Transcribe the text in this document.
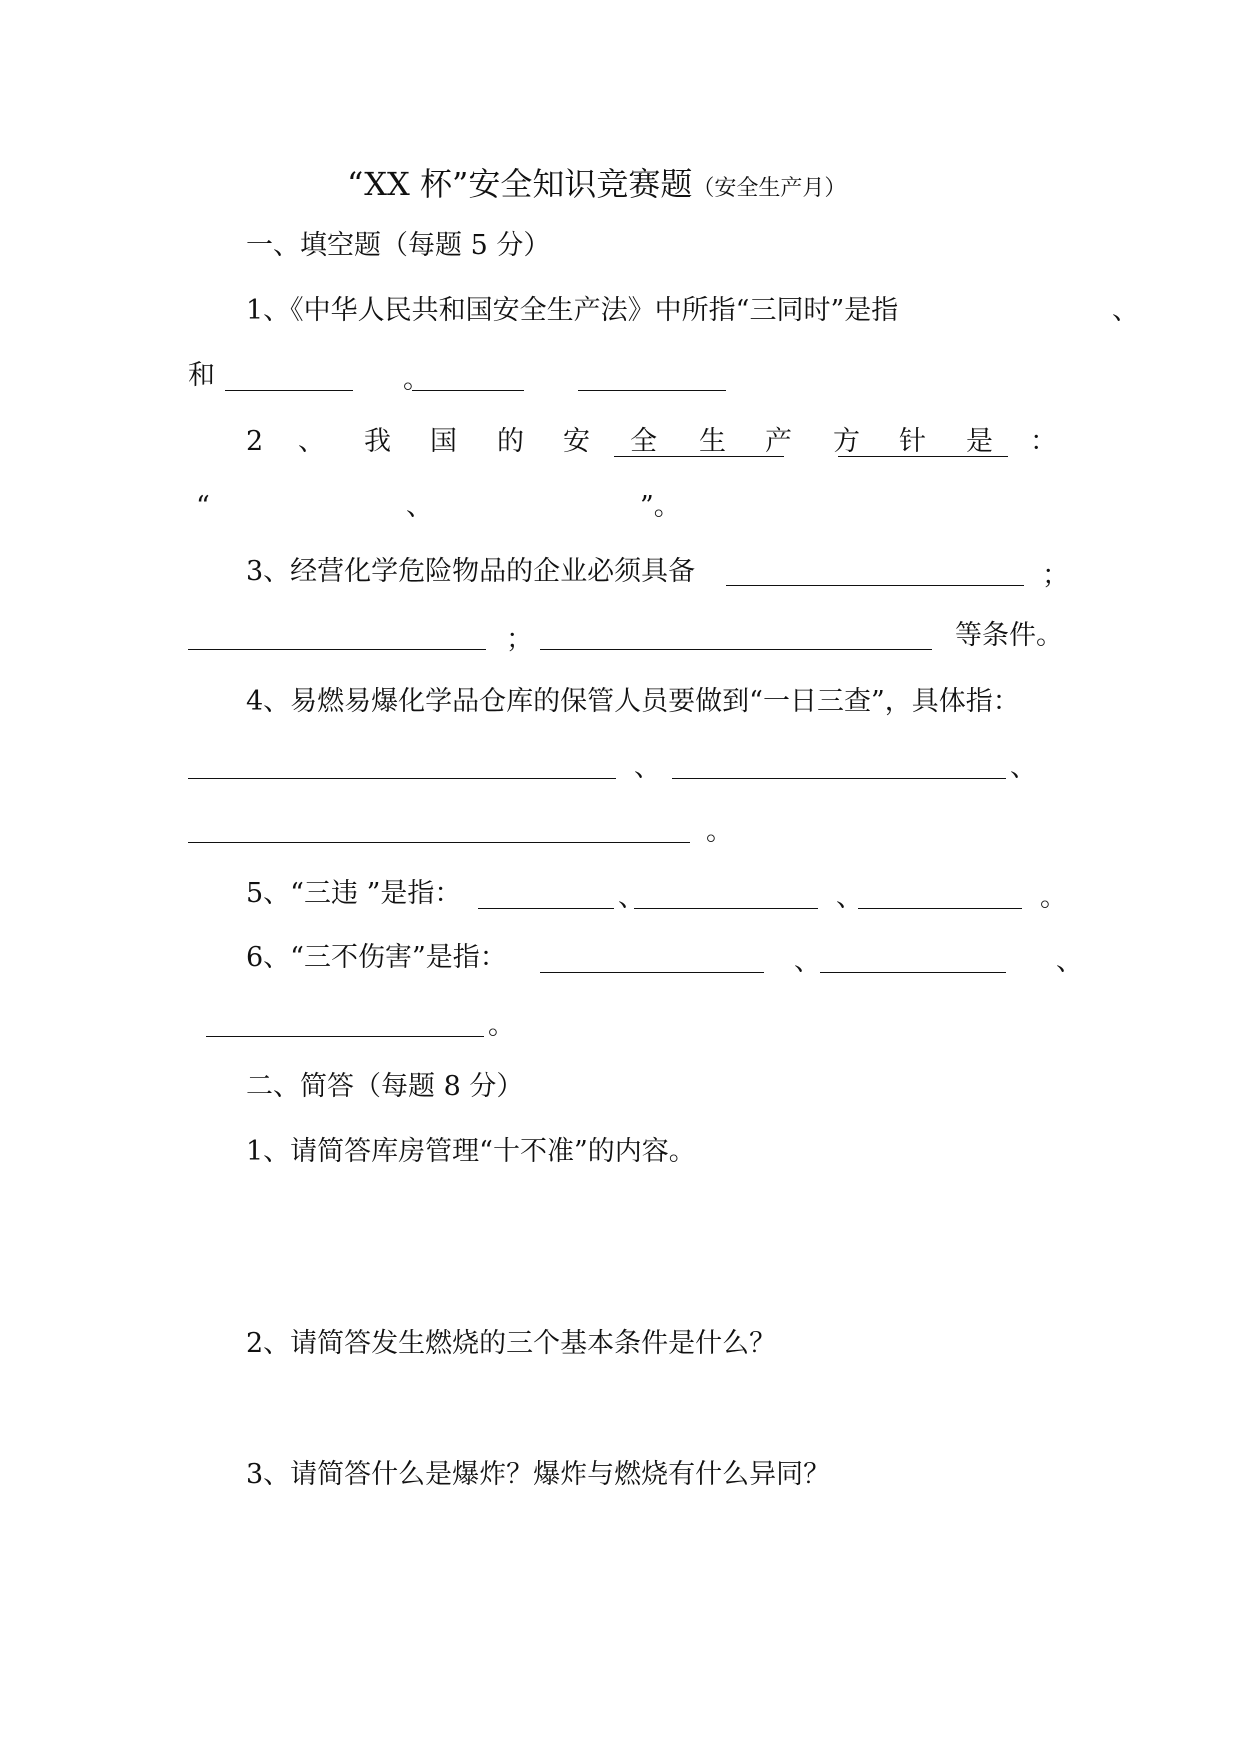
“XX 杯”安全知识竞赛题（安全生产月）
一、填空题（每题 5 分）
1、《中华人民共和国安全生产法》中所指“三同时”是指	、
和	。
2 、 我 国 的 安 全 生 产 方 针 是 ：
“	、	”。
3、经营化学危险物品的企业必须具备	；
；	等条件。
4、易燃易爆化学品仓库的保管人员要做到“一日三查”，具体指：
、	、
。
5、“三违 ”是指：	、	、	。
6、“三不伤害”是指：	、	、
。
二、简答（每题 8 分）
1、请简答库房管理“十不准”的内容。
2、请简答发生燃烧的三个基本条件是什么？
3、请简答什么是爆炸？爆炸与燃烧有什么异同？
